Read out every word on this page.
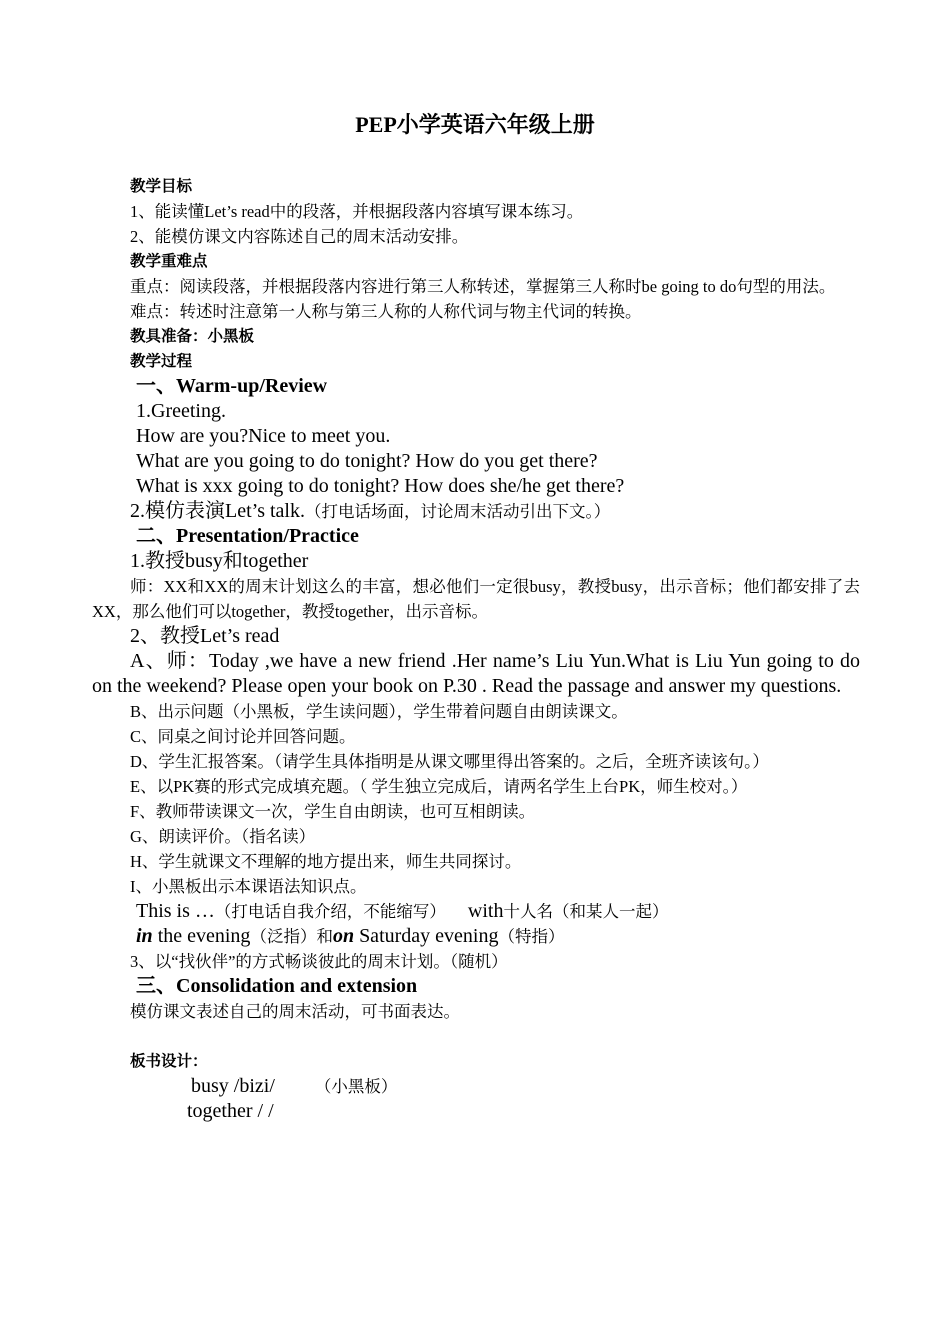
PEP小学英语六年级上册
教学目标
1、能读懂Let’s read中的段落，并根据段落内容填写课本练习。
2、能模仿课文内容陈述自己的周末活动安排。
教学重难点
重点：阅读段落，并根据段落内容进行第三人称转述，掌握第三人称时be going to do句型的用法。
难点：转述时注意第一人称与第三人称的人称代词与物主代词的转换。
教具准备：小黑板
教学过程
一、Warm-up/Review
1.Greeting.
How are you?Nice to meet you.
What are you going to do tonight? How do you get there?
What is xxx going to do tonight? How does she/he get there?
2.模仿表演Let’s talk.（打电话场面，讨论周末活动引出下文。）
二、Presentation/Practice
1.教授busy和together
师：XX和XX的周末计划这么的丰富，想必他们一定很busy，教授busy，出示音标；他们都安排了去XX，那么他们可以together，教授together，出示音标。
2、教授Let’s read
A、师：Today ,we have a new friend .Her name’s Liu Yun.What is Liu Yun going to do on the weekend? Please open your book on P.30 . Read the passage and answer my questions.
B、出示问题（小黑板，学生读问题），学生带着问题自由朗读课文。
C、同桌之间讨论并回答问题。
D、学生汇报答案。（请学生具体指明是从课文哪里得出答案的。之后，全班齐读该句。）
E、以PK赛的形式完成填充题。（ 学生独立完成后，请两名学生上台PK，师生校对。）
F、教师带读课文一次，学生自由朗读，也可互相朗读。
G、朗读评价。（指名读）
H、学生就课文不理解的地方提出来，师生共同探讨。
I、小黑板出示本课语法知识点。
This is …（打电话自我介绍，不能缩写） with十人名（和某人一起）
in the evening（泛指）和on Saturday evening（特指）
3、以“找伙伴”的方式畅谈彼此的周末计划。（随机）
三、Consolidation and extension
模仿课文表述自己的周末活动，可书面表达。
板书设计：
busy /bizi/ （小黑板）
together / /
